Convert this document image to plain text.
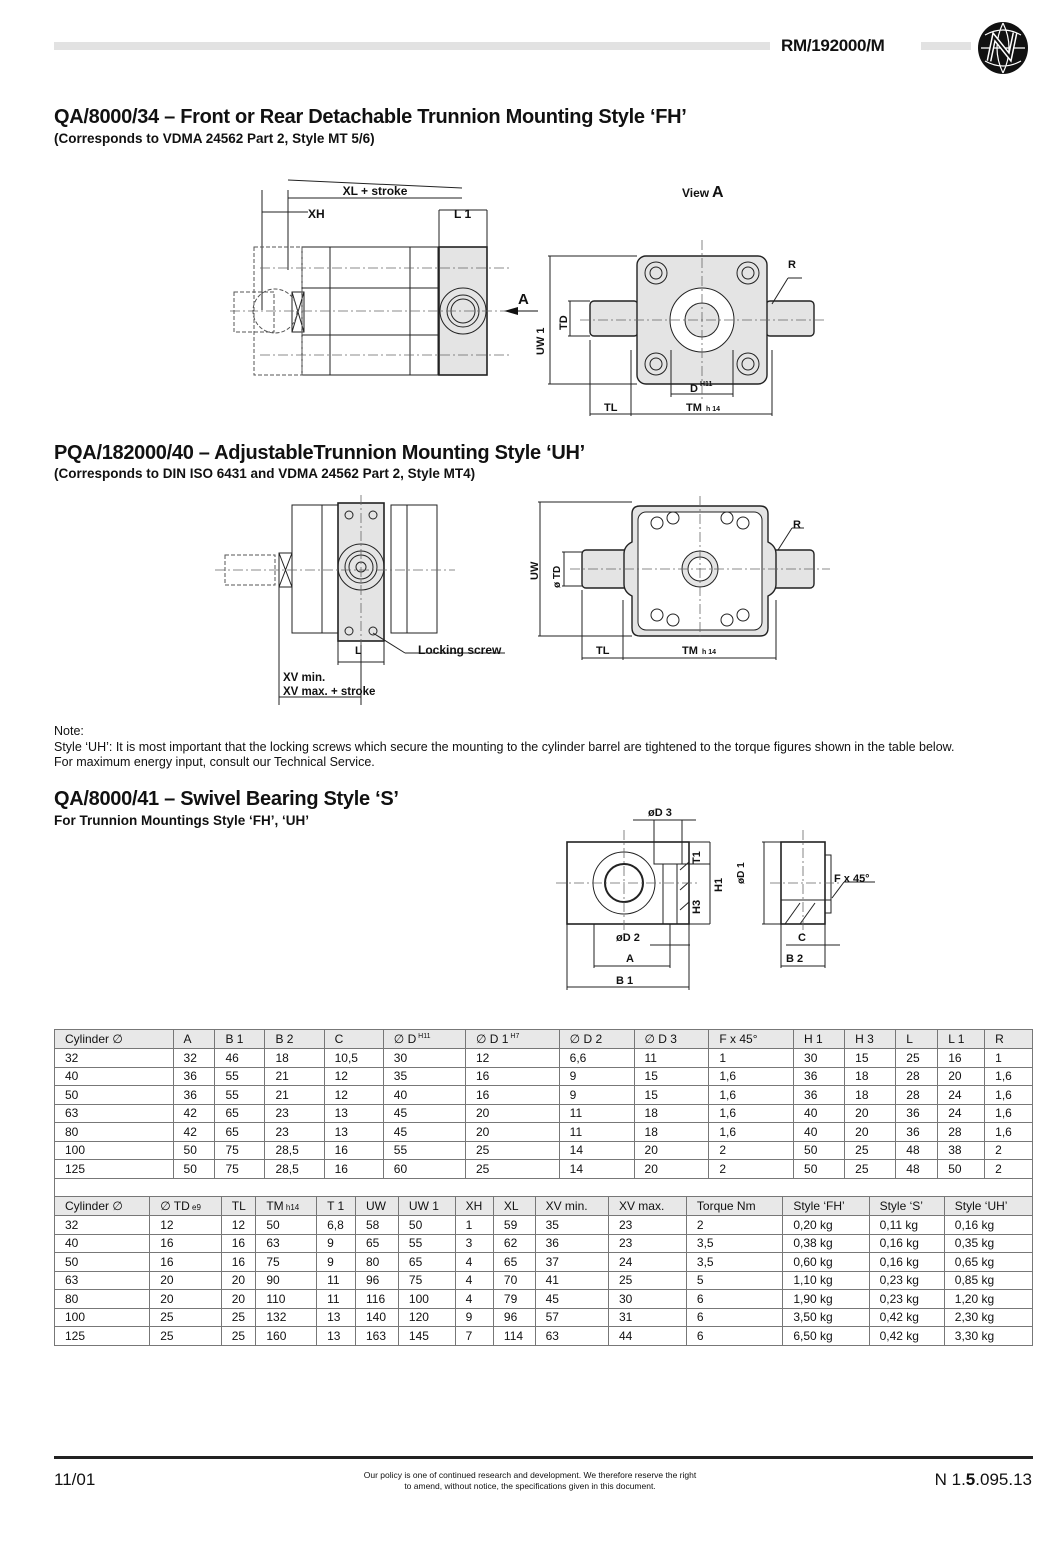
RM/192000/M
QA/8000/34 – Front or Rear Detachable Trunnion Mounting Style ‘FH’
(Corresponds to VDMA 24562 Part 2, Style MT 5/6)
XL + stroke
XH	L 1
A
View A
R
TD
UW 1
D H11
TL	TM h 14
PQA/182000/40 – AdjustableTrunnion Mounting Style ‘UH’
(Corresponds to DIN ISO 6431 and VDMA 24562 Part 2, Style MT4)
L	Locking screw
XV min.
XV max. + stroke
R
UW ø TD
TL	TM h 14
Note:
Style ‘UH’: It is most important that the locking screws which secure the mounting to the cylinder barrel are tightened to the torque figures shown in the table below.
For maximum energy input, consult our Technical Service.
QA/8000/41 – Swivel Bearing Style ‘S’
For Trunnion Mountings Style ‘FH’, ‘UH’	øD 3
T1
H3
H1
øD 1	F x 45°
øD 2
A
B 1
C
B 2
Cylinder ∅	A	B 1	B 2	C	∅ D $^{H11}$	∅ D 1 $^{H7}$	∅ D 2	∅ D 3	F x 45°	H 1	H 3	L	L 1	R
32	32	46	18	10,5	30	12	6,6	11	1	30	15	25	16	1
40	36	55	21	12	35	16	9	15	1,6	36	18	28	20	1,6
50	36	55	21	12	40	16	9	15	1,6	36	18	28	24	1,6
63	42	65	23	13	45	20	11	18	1,6	40	20	36	24	1,6
80	42	65	23	13	45	20	11	18	1,6	40	20	36	28	1,6
100	50	75	28,5	16	55	25	14	20	2	50	25	48	38	2
125	50	75	28,5	16	60	25	14	20	2	50	25	48	50	2
Cylinder ∅	∅ TD e9	TL	TM h14	T 1	UW	UW 1	XH	XL	XV min.	XV max.	Torque Nm	Style ‘FH’	Style ‘S’	Style ‘UH’
32	12	12	50	6,8	58	50	1	59	35	23	2	0,20 kg	0,11 kg	0,16 kg
40	16	16	63	9	65	55	3	62	36	23	3,5	0,38 kg	0,16 kg	0,35 kg
50	16	16	75	9	80	65	4	65	37	24	3,5	0,60 kg	0,16 kg	0,65 kg
63	20	20	90	11	96	75	4	70	41	25	5	1,10 kg	0,23 kg	0,85 kg
80	20	20	110	11	116	100	4	79	45	30	6	1,90 kg	0,23 kg	1,20 kg
100	25	25	132	13	140	120	9	96	57	31	6	3,50 kg	0,42 kg	2,30 kg
125	25	25	160	13	163	145	7	114	63	44	6	6,50 kg	0,42 kg	3,30 kg
11/01	Our policy is one of continued research and development. We therefore reserve the right
to amend, without notice, the specifications given in this document.	N 1.5.095.13
